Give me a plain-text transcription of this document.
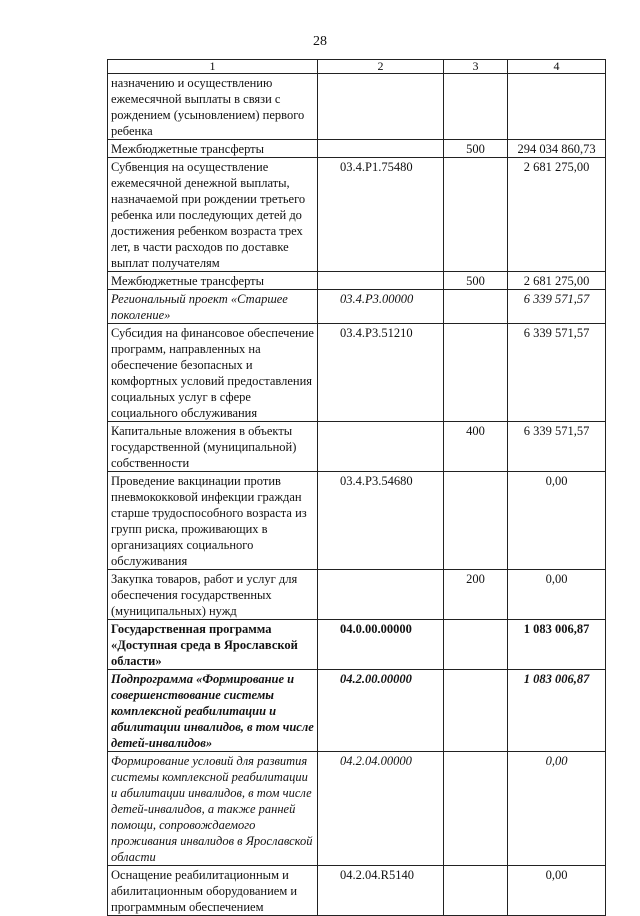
28
1	2	3	4
назначению и осуществлению ежемесячной выплаты в связи с рождением (усыновлением) первого ребенка			
Межбюджетные трансферты		500	294 034 860,73
Субвенция на осуществление ежемесячной денежной выплаты, назначаемой при рождении третьего ребенка или последующих детей до достижения ребенком возраста трех лет, в части расходов по доставке выплат получателям	03.4.P1.75480		2 681 275,00
Межбюджетные трансферты		500	2 681 275,00
Региональный проект «Старшее поколение»	03.4.P3.00000		6 339 571,57
Субсидия на финансовое обеспечение программ, направленных на обеспечение безопасных и комфортных условий предоставления социальных услуг в сфере социального обслуживания	03.4.P3.51210		6 339 571,57
Капитальные вложения в объекты государственной (муниципальной) собственности		400	6 339 571,57
Проведение вакцинации против пневмококковой инфекции граждан старше трудоспособного возраста из групп риска, проживающих в организациях социального обслуживания	03.4.P3.54680		0,00
Закупка товаров, работ и услуг для обеспечения государственных (муниципальных) нужд		200	0,00
Государственная программа «Доступная среда в Ярославской области»	04.0.00.00000		1 083 006,87
Подпрограмма «Формирование и совершенствование системы комплексной реабилитации и абилитации инвалидов, в том числе детей-инвалидов»	04.2.00.00000		1 083 006,87
Формирование условий для развития системы комплексной реабилитации и абилитации инвалидов, в том числе детей-инвалидов, а также ранней помощи, сопровождаемого проживания инвалидов в Ярославской области	04.2.04.00000		0,00
Оснащение реабилитационным и абилитационным оборудованием и программным обеспечением	04.2.04.R5140		0,00
